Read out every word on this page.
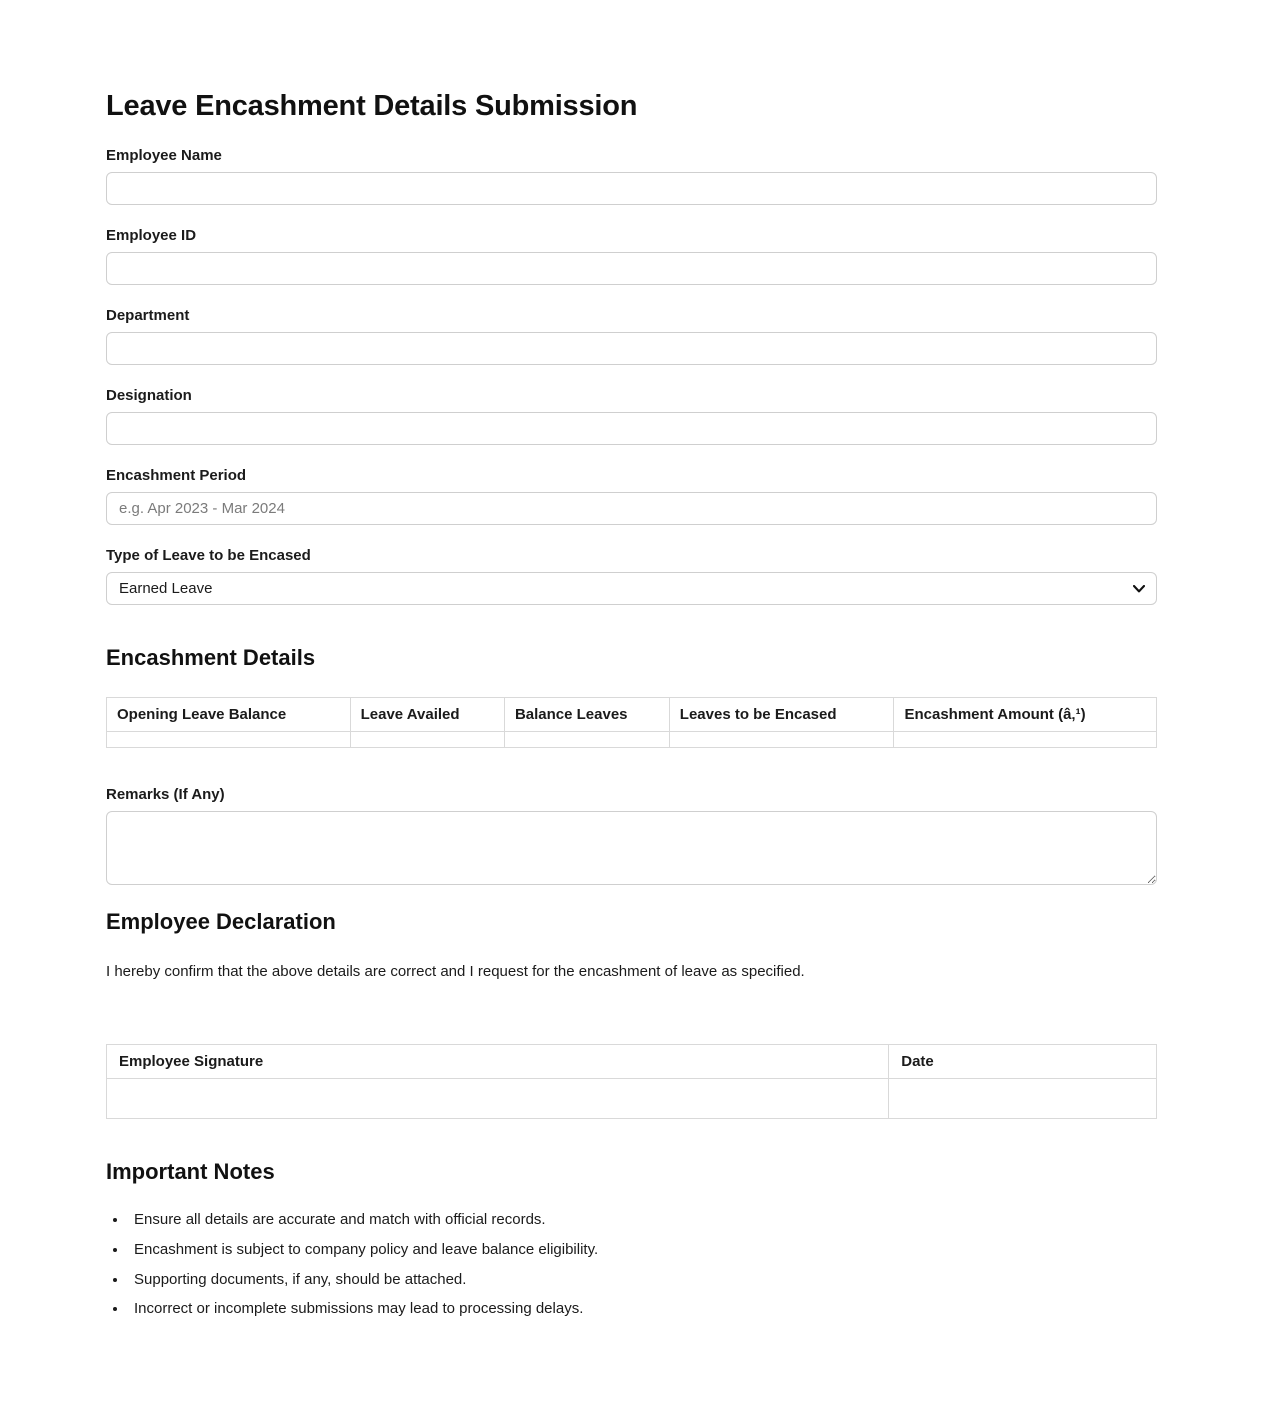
Leave Encashment Details Submission
Employee Name
Employee ID
Department
Designation
Encashment Period
e.g. Apr 2023 - Mar 2024
Type of Leave to be Encased
Earned Leave
Encashment Details
Opening Leave Balance	Leave Availed	Balance Leaves	Leaves to be Encased	Encashment Amount (â‚¹)

Remarks (If Any)
Employee Declaration

I hereby confirm that the above details are correct and I request for the encashment of leave as specified.

Employee Signature	Date

Important Notes
• Ensure all details are accurate and match with official records.
• Encashment is subject to company policy and leave balance eligibility.
• Supporting documents, if any, should be attached.
• Incorrect or incomplete submissions may lead to processing delays.
